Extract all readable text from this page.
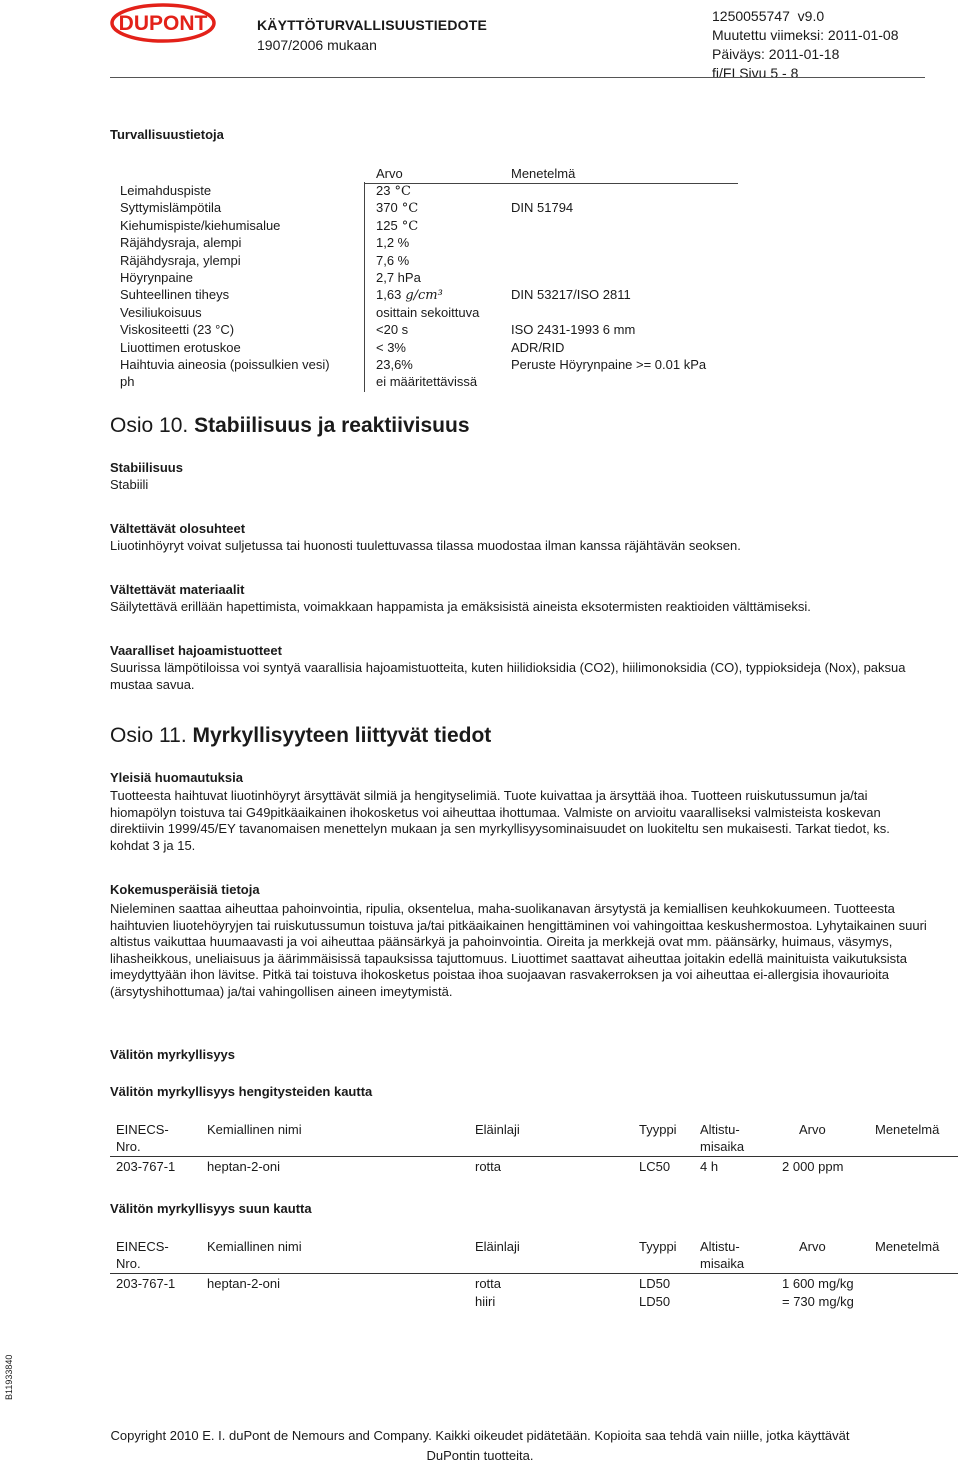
DUPONT	KÄYTTÖTURVALLISUUSTIEDOTE
1907/2006 mukaan
1250055747 v9.0
Muutettu viimeksi: 2011-01-08
Päiväys: 2011-01-18
fi/FI Sivu 5 - 8
Turvallisuustietoja
Arvo	Menetelmä
Leimahduspiste	23 °C
Syttymislämpötila	370 °C	DIN 51794
Kiehumispiste/kiehumisalue	125 °C
Räjähdysraja, alempi	1,2 %
Räjähdysraja, ylempi	7,6 %
Höyrynpaine	2,7 hPa
Suhteellinen tiheys	1,63 g/cm³	DIN 53217/ISO 2811
Vesiliukoisuus	osittain sekoittuva
Viskositeetti (23 °C)	<20 s	ISO 2431-1993 6 mm
Liuottimen erotuskoe	< 3%	ADR/RID
Haihtuvia aineosia (poissulkien vesi)	23,6%	Peruste Höyrynpaine >= 0.01 kPa
ph	ei määritettävissä
Osio 10. Stabiilisuus ja reaktiivisuus
Stabiilisuus
Stabiili
Vältettävät olosuhteet
Liuotinhöyryt voivat suljetussa tai huonosti tuulettuvassa tilassa muodostaa ilman kanssa räjähtävän seoksen.
Vältettävät materiaalit
Säilytettävä erillään hapettimista, voimakkaan happamista ja emäksisistä aineista eksotermisten reaktioiden välttämiseksi.
Vaaralliset hajoamistuotteet
Suurissa lämpötiloissa voi syntyä vaarallisia hajoamistuotteita, kuten hiilidioksidia (CO2), hiilimonoksidia (CO), typpioksideja (Nox), paksua mustaa savua.
Osio 11. Myrkyllisyyteen liittyvät tiedot
Yleisiä huomautuksia
Tuotteesta haihtuvat liuotinhöyryt ärsyttävät silmiä ja hengityselimiä. Tuote kuivattaa ja ärsyttää ihoa. Tuotteen ruiskutussumun ja/tai hiomapölyn toistuva tai G49pitkäaikainen ihokosketus voi aiheuttaa ihottumaa. Valmiste on arvioitu vaaralliseksi valmisteista koskevan direktiivin 1999/45/EY tavanomaisen menettelyn mukaan ja sen myrkyllisyysominaisuudet on luokiteltu sen mukaisesti. Tarkat tiedot, ks. kohdat 3 ja 15.
Kokemusperäisiä tietoja
Nieleminen saattaa aiheuttaa pahoinvointia, ripulia, oksentelua, maha-suolikanavan ärsytystä ja kemiallisen keuhkokuumeen. Tuotteesta haihtuvien liuotehöyryjen tai ruiskutussumun toistuva ja/tai pitkäaikainen hengittäminen voi vahingoittaa keskushermostoa. Lyhytaikainen suuri altistus vaikuttaa huumaavasti ja voi aiheuttaa päänsärkyä ja pahoinvointia. Oireita ja merkkejä ovat mm. päänsärky, huimaus, väsymys, lihasheikkous, uneliaisuus ja äärimmäisissä tapauksissa tajuttomuus. Liuottimet saattavat aiheuttaa joitakin edellä mainituista vaikutuksista imeydyttyään ihon lävitse. Pitkä tai toistuva ihokosketus poistaa ihoa suojaavan rasvakerroksen ja voi aiheuttaa ei-allergisia ihovaurioita (ärsytyshihottumaa) ja/tai vahingollisen aineen imeytymistä.
Välitön myrkyllisyys
Välitön myrkyllisyys hengitysteiden kautta
EINECS-
Nro.
Kemiallinen nimi	Eläinlaji	Tyyppi Altistu-
misaika
Arvo	Menetelmä
203-767-1 heptan-2-oni	rotta	LC50 4 h	2 000 ppm
Välitön myrkyllisyys suun kautta
EINECS-
Nro.
Kemiallinen nimi	Eläinlaji	Tyyppi Altistu-
misaika
Arvo	Menetelmä
203-767-1 heptan-2-oni	rotta	LD50	1 600 mg/kg
hiiri	LD50	= 730 mg/kg
B11933840
Copyright 2010 E. I. duPont de Nemours and Company. Kaikki oikeudet pidätetään. Kopioita saa tehdä vain niille, jotka käyttävät
DuPontin tuotteita.
